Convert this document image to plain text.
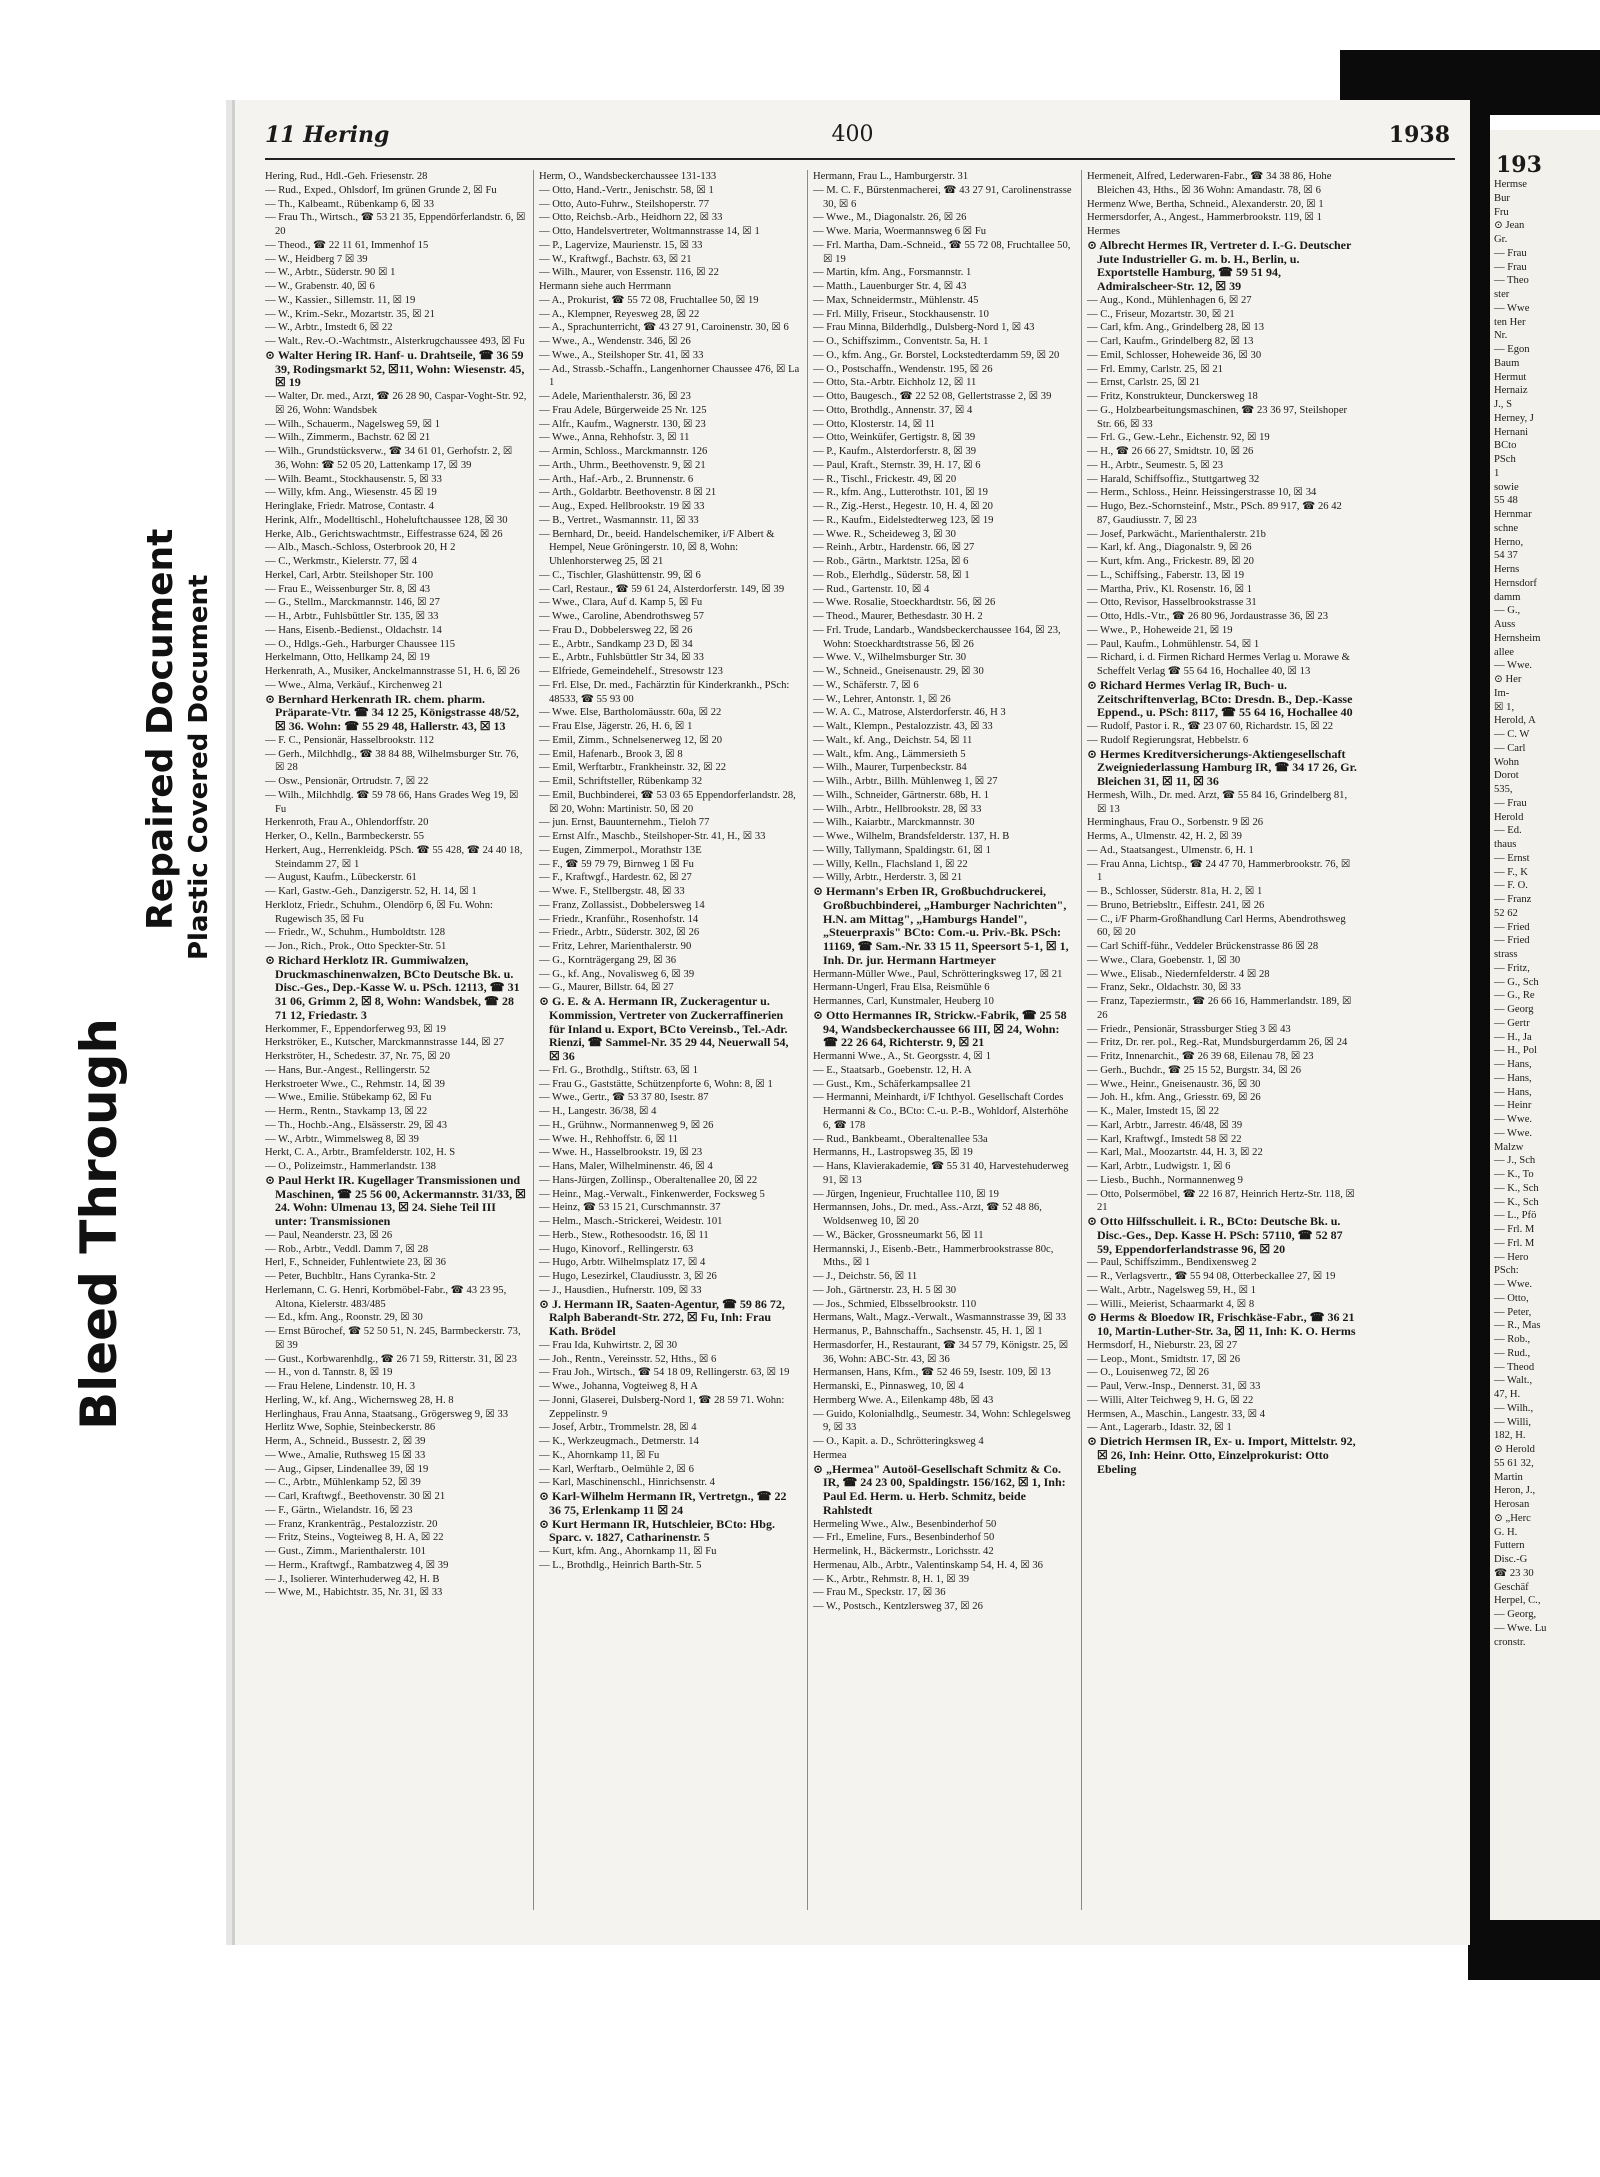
Bleed Through
Repaired Document Plastic Covered Document
11 Hering	400	1938

Hering, Rud., Hdl.-Geh. Friesenstr. 28

— Rud., Exped., Ohlsdorf, Im grünen Grunde 2, ☒ Fu

— Th., Kalbeamt., Rübenkamp 6, ☒ 33

— Frau Th., Wirtsch., ☎ 53 21 35, Eppendörferlandstr. 6, ☒ 20

— Theod., ☎ 22 11 61, Immenhof 15

— W., Heidberg 7 ☒ 39

— W., Arbtr., Süderstr. 90 ☒ 1

— W., Grabenstr. 40, ☒ 6

— W., Kassier., Sillemstr. 11, ☒ 19

— W., Krim.-Sekr., Mozartstr. 35, ☒ 21

— W., Arbtr., Imstedt 6, ☒ 22

— Walt., Rev.-O.-Wachtmstr., Alsterkrugchaussee 493, ☒ Fu

⊙ Walter Hering IR. Hanf- u. Drahtseile, ☎ 36 59 39, Rodingsmarkt 52, ☒11, Wohn: Wiesenstr. 45, ☒ 19

— Walter, Dr. med., Arzt, ☎ 26 28 90, Caspar-Voght-Str. 92, ☒ 26, Wohn: Wandsbek

— Wilh., Schauerm., Nagelsweg 59, ☒ 1

— Wilh., Zimmerm., Bachstr. 62 ☒ 21

— Wilh., Grundstücksverw., ☎ 34 61 01, Gerhofstr. 2, ☒ 36, Wohn: ☎ 52 05 20, Lattenkamp 17, ☒ 39

— Wilh. Beamt., Stockhausenstr. 5, ☒ 33

— Willy, kfm. Ang., Wiesenstr. 45 ☒ 19

Heringlake, Friedr. Matrose, Contastr. 4

Herink, Alfr., Modelltischl., Hoheluftchaussee 128, ☒ 30

Herke, Alb., Gerichtswachtmstr., Eiffestrasse 624, ☒ 26

— Alb., Masch.-Schloss, Osterbrook 20, H 2

— C., Werkmstr., Kielerstr. 77, ☒ 4

Herkel, Carl, Arbtr. Steilshoper Str. 100

— Frau E., Weissenburger Str. 8, ☒ 43

— G., Stellm., Marckmannstr. 146, ☒ 27

— H., Arbtr., Fuhlsbüttler Str. 135, ☒ 33

— Hans, Eisenb.-Bedienst., Oldachstr. 14

— O., Hdlgs.-Geh., Harburger Chaussee 115

Herkelmann, Otto, Hellkamp 24, ☒ 19

Herkenrath, A., Musiker, Anckelmannstrasse 51, H. 6, ☒ 26

— Wwe., Alma, Verkäuf., Kirchenweg 21

⊙ Bernhard Herkenrath IR. chem. pharm. Präparate-Vtr. ☎ 34 12 25, Königstrasse 48/52, ☒ 36. Wohn: ☎ 55 29 48, Hallerstr. 43, ☒ 13

— F. C., Pensionär, Hasselbrookstr. 112

— Gerh., Milchhdlg., ☎ 38 84 88, Wilhelmsburger Str. 76, ☒ 28

— Osw., Pensionär, Ortrudstr. 7, ☒ 22

— Wilh., Milchhdlg. ☎ 59 78 66, Hans Grades Weg 19, ☒ Fu

Herkenroth, Frau A., Ohlendorffstr. 20

Herker, O., Kelln., Barmbeckerstr. 55

Herkert, Aug., Herrenkleidg. PSch. ☎ 55 428, ☎ 24 40 18, Steindamm 27, ☒ 1

— August, Kaufm., Lübeckerstr. 61

— Karl, Gastw.-Geh., Danzigerstr. 52, H. 14, ☒ 1

Herklotz, Friedr., Schuhm., Olendörp 6, ☒ Fu. Wohn: Rugewisch 35, ☒ Fu

— Friedr., W., Schuhm., Humboldtstr. 128

— Jon., Rich., Prok., Otto Speckter-Str. 51

⊙ Richard Herklotz IR. Gummiwalzen, Druckmaschinenwalzen, BCto Deutsche Bk. u. Disc.-Ges., Dep.-Kasse W. u. PSch. 12113, ☎ 31 31 06, Grimm 2, ☒ 8, Wohn: Wandsbek, ☎ 28 71 12, Friedastr. 3

Herkommer, F., Eppendorferweg 93, ☒ 19

Herkströker, E., Kutscher, Marckmannstrasse 144, ☒ 27

Herkströter, H., Schedestr. 37, Nr. 75, ☒ 20

— Hans, Bur.-Angest., Rellingerstr. 52

Herkstroeter Wwe., C., Rehmstr. 14, ☒ 39

— Wwe., Emilie. Stübekamp 62, ☒ Fu

— Herm., Rentn., Stavkamp 13, ☒ 22

— Th., Hochb.-Ang., Elsässerstr. 29, ☒ 43

— W., Arbtr., Wimmelsweg 8, ☒ 39

Herkt, C. A., Arbtr., Bramfelderstr. 102, H. S

— O., Polizeimstr., Hammerlandstr. 138

⊙ Paul Herkt IR. Kugellager Transmissionen und Maschinen, ☎ 25 56 00, Ackermannstr. 31/33, ☒ 24. Wohn: Ulmenau 13, ☒ 24. Siehe Teil III unter: Transmissionen

— Paul, Neanderstr. 23, ☒ 26

— Rob., Arbtr., Veddl. Damm 7, ☒ 28

Herl, F., Schneider, Fuhlentwiete 23, ☒ 36

— Peter, Buchbltr., Hans Cyranka-Str. 2

Herlemann, C. G. Henri, Korbmöbel-Fabr., ☎ 43 23 95, Altona, Kielerstr. 483/485

— Ed., kfm. Ang., Roonstr. 29, ☒ 30

— Ernst Bürochef, ☎ 52 50 51, N. 245, Barmbeckerstr. 73, ☒ 39

— Gust., Korbwarenhdlg., ☎ 26 71 59, Ritterstr. 31, ☒ 23

— H., von d. Tannstr. 8, ☒ 19

— Frau Helene, Lindenstr. 10, H. 3

Herling, W., kf. Ang., Wichernsweg 28, H. 8

Herlinghaus, Frau Anna, Staatsang., Grögersweg 9, ☒ 33

Herlitz Wwe, Sophie, Steinbeckerstr. 86

Herm, A., Schneid., Bussestr. 2, ☒ 39

— Wwe., Amalie, Ruthsweg 15 ☒ 33

— Aug., Gipser, Lindenallee 39, ☒ 19

— C., Arbtr., Mühlenkamp 52, ☒ 39

— Carl, Kraftwgf., Beethovenstr. 30 ☒ 21

— F., Gärtn., Wielandstr. 16, ☒ 23

— Franz, Krankenträg., Pestalozzistr. 20

— Fritz, Steins., Vogteiweg 8, H. A, ☒ 22

— Gust., Zimm., Marienthalerstr. 101

— Herm., Kraftwgf., Rambatzweg 4, ☒ 39

— J., Isolierer. Winterhuderweg 42, H. B

— Wwe, M., Habichtstr. 35, Nr. 31, ☒ 33

Herm, O., Wandsbeckerchaussee 131-133

— Otto, Hand.-Vertr., Jenischstr. 58, ☒ 1

— Otto, Auto-Fuhrw., Steilshoperstr. 77

— Otto, Reichsb.-Arb., Heidhorn 22, ☒ 33

— Otto, Handelsvertreter, Woltmannstrasse 14, ☒ 1

— P., Lagervize, Maurienstr. 15, ☒ 33

— W., Kraftwgf., Bachstr. 63, ☒ 21

— Wilh., Maurer, von Essenstr. 116, ☒ 22

Hermann siehe auch Herrmann

— A., Prokurist, ☎ 55 72 08, Fruchtallee 50, ☒ 19

— A., Klempner, Reyesweg 28, ☒ 22

— A., Sprachunterricht, ☎ 43 27 91, Caroinenstr. 30, ☒ 6

— Wwe., A., Wendenstr. 346, ☒ 26

— Wwe., A., Steilshoper Str. 41, ☒ 33

— Ad., Strassb.-Schaffn., Langenhorner Chaussee 476, ☒ La 1

— Adele, Marienthalerstr. 36, ☒ 23

— Frau Adele, Bürgerweide 25 Nr. 125

— Alfr., Kaufm., Wagnerstr. 130, ☒ 23

— Wwe., Anna, Rehhofstr. 3, ☒ 11

— Armin, Schloss., Marckmannstr. 126

— Arth., Uhrm., Beethovenstr. 9, ☒ 21

— Arth., Haf.-Arb., 2. Brunnenstr. 6

— Arth., Goldarbtr. Beethovenstr. 8 ☒ 21

— Aug., Exped. Hellbrookstr. 19 ☒ 33

— B., Vertret., Wasmannstr. 11, ☒ 33

— Bernhard, Dr., beeid. Handelschemiker, i/F Albert & Hempel, Neue Gröningerstr. 10, ☒ 8, Wohn: Uhlenhorsterweg 25, ☒ 21

— C., Tischler, Glashüttenstr. 99, ☒ 6

— Carl, Restaur., ☎ 59 61 24, Alsterdorferstr. 149, ☒ 39

— Wwe., Clara, Auf d. Kamp 5, ☒ Fu

— Wwe., Caroline, Abendrothsweg 57

— Frau D., Dobbelersweg 22, ☒ 26

— E., Arbtr., Sandkamp 23 D, ☒ 34

— E., Arbtr., Fuhlsbüttler Str 34, ☒ 33

— Elfriede, Gemeindehelf., Stresowstr 123

— Frl. Else, Dr. med., Fachärztin für Kinderkrankh., PSch: 48533, ☎ 55 93 00

— Wwe. Else, Bartholomäusstr. 60a, ☒ 22

— Frau Else, Jägerstr. 26, H. 6, ☒ 1

— Emil, Zimm., Schnelsenerweg 12, ☒ 20

— Emil, Hafenarb., Brook 3, ☒ 8

— Emil, Werftarbtr., Frankheinstr. 32, ☒ 22

— Emil, Schriftsteller, Rübenkamp 32

— Emil, Buchbinderei, ☎ 53 03 65 Eppendorferlandstr. 28, ☒ 20, Wohn: Martinistr. 50, ☒ 20

— jun. Ernst, Bauunternehm., Tieloh 77

— Ernst Alfr., Maschb., Steilshoper-Str. 41, H., ☒ 33

— Eugen, Zimmerpol., Morathstr 13E

— F., ☎ 59 79 79, Birnweg 1 ☒ Fu

— F., Kraftwgf., Hardestr. 62, ☒ 27

— Wwe. F., Stellbergstr. 48, ☒ 33

— Franz, Zollassist., Dobbelersweg 14

— Friedr., Kranführ., Rosenhofstr. 14

— Friedr., Arbtr., Süderstr. 302, ☒ 26

— Fritz, Lehrer, Marienthalerstr. 90

— G., Kornträgergang 29, ☒ 36

— G., kf. Ang., Novalisweg 6, ☒ 39

— G., Maurer, Billstr. 64, ☒ 27

⊙ G. E. & A. Hermann IR, Zuckeragentur u. Kommission, Vertreter von Zuckerraffinerien für Inland u. Export, BCto Vereinsb., Tel.-Adr. Rienzi, ☎ Sammel-Nr. 35 29 44, Neuerwall 54, ☒ 36

— Frl. G., Brothdlg., Stiftstr. 63, ☒ 1

— Frau G., Gaststätte, Schützenpforte 6, Wohn: 8, ☒ 1

— Wwe., Gertr., ☎ 53 37 80, Isestr. 87

— H., Langestr. 36/38, ☒ 4

— H., Grühnw., Normannenweg 9, ☒ 26

— Wwe. H., Rehhoffstr. 6, ☒ 11

— Wwe. H., Hasselbrookstr. 19, ☒ 23

— Hans, Maler, Wilhelminenstr. 46, ☒ 4

— Hans-Jürgen, Zollinsp., Oberaltenallee 20, ☒ 22

— Heinr., Mag.-Verwalt., Finkenwerder, Focksweg 5

— Heinz, ☎ 53 15 21, Curschmannstr. 37

— Helm., Masch.-Strickerei, Weidestr. 101

— Herb., Stew., Rothesoodstr. 16, ☒ 11

— Hugo, Kinovorf., Rellingerstr. 63

— Hugo, Arbtr. Wilhelmsplatz 17, ☒ 4

— Hugo, Lesezirkel, Claudiusstr. 3, ☒ 26

— J., Hausdien., Hufnerstr. 109, ☒ 33

⊙ J. Hermann IR, Saaten-Agentur, ☎ 59 86 72, Ralph Baberandt-Str. 272, ☒ Fu, Inh: Frau Kath. Brödel

— Frau Ida, Kuhwirtstr. 2, ☒ 30

— Joh., Rentn., Vereinsstr. 52, Hths., ☒ 6

— Frau Joh., Wirtsch., ☎ 54 18 09, Rellingerstr. 63, ☒ 19

— Wwe., Johanna, Vogteiweg 8, H A

— Jonni, Glaserei, Dulsberg-Nord 1, ☎ 28 59 71. Wohn: Zeppelinstr. 9

— Josef, Arbtr., Trommelstr. 28, ☒ 4

— K., Werkzeugmach., Detmerstr. 14

— K., Ahornkamp 11, ☒ Fu

— Karl, Werftarb., Oelmühle 2, ☒ 6

— Karl, Maschinenschl., Hinrichsenstr. 4

⊙ Karl-Wilhelm Hermann IR, Vertretgn., ☎ 22 36 75, Erlenkamp 11 ☒ 24

⊙ Kurt Hermann IR, Hutschleier, BCto: Hbg. Sparc. v. 1827, Catharinenstr. 5

— Kurt, kfm. Ang., Ahornkamp 11, ☒ Fu

— L., Brothdlg., Heinrich Barth-Str. 5

Hermann, Frau L., Hamburgerstr. 31

— M. C. F., Bürstenmacherei, ☎ 43 27 91, Carolinenstrasse 30, ☒ 6

— Wwe., M., Diagonalstr. 26, ☒ 26

— Wwe. Maria, Woermannsweg 6 ☒ Fu

— Frl. Martha, Dam.-Schneid., ☎ 55 72 08, Fruchtallee 50, ☒ 19

— Martin, kfm. Ang., Forsmannstr. 1

— Matth., Lauenburger Str. 4, ☒ 43

— Max, Schneidermstr., Mühlenstr. 45

— Frl. Milly, Friseur., Stockhausenstr. 10

— Frau Minna, Bilderhdlg., Dulsberg-Nord 1, ☒ 43

— O., Schiffszimm., Conventstr. 5a, H. 1

— O., kfm. Ang., Gr. Borstel, Lockstedterdamm 59, ☒ 20

— O., Postschaffn., Wendenstr. 195, ☒ 26

— Otto, Sta.-Arbtr. Eichholz 12, ☒ 11

— Otto, Baugesch., ☎ 22 52 08, Gellertstrasse 2, ☒ 39

— Otto, Brothdlg., Annenstr. 37, ☒ 4

— Otto, Klosterstr. 14, ☒ 11

— Otto, Weinküfer, Gertigstr. 8, ☒ 39

— P., Kaufm., Alsterdorferstr. 8, ☒ 39

— Paul, Kraft., Sternstr. 39, H. 17, ☒ 6

— R., Tischl., Frickestr. 49, ☒ 20

— R., kfm. Ang., Lutterothstr. 101, ☒ 19

— R., Zig.-Herst., Hegestr. 10, H. 4, ☒ 20

— R., Kaufm., Eidelstedterweg 123, ☒ 19

— Wwe. R., Scheideweg 3, ☒ 30

— Reinh., Arbtr., Hardenstr. 66, ☒ 27

— Rob., Gärtn., Marktstr. 125a, ☒ 6

— Rob., Elerhdlg., Süderstr. 58, ☒ 1

— Rud., Gartenstr. 10, ☒ 4

— Wwe. Rosalie, Stoeckhardtstr. 56, ☒ 26

— Theod., Maurer, Bethesdastr. 30 H. 2

— Frl. Trude, Landarb., Wandsbeckerchaussee 164, ☒ 23, Wohn: Stoeckhardtstrasse 56, ☒ 26

— Wwe. V., Wilhelmsburger Str. 30

— W., Schneid., Gneisenaustr. 29, ☒ 30

— W., Schäferstr. 7, ☒ 6

— W., Lehrer, Antonstr. 1, ☒ 26

— W. A. C., Matrose, Alsterdorferstr. 46, H 3

— Walt., Klempn., Pestalozzistr. 43, ☒ 33

— Walt., kf. Ang., Deichstr. 54, ☒ 11

— Walt., kfm. Ang., Lämmersieth 5

— Wilh., Maurer, Turpenbeckstr. 84

— Wilh., Arbtr., Billh. Mühlenweg 1, ☒ 27

— Wilh., Schneider, Gärtnerstr. 68b, H. 1

— Wilh., Arbtr., Hellbrookstr. 28, ☒ 33

— Wilh., Kaiarbtr., Marckmannstr. 30

— Wwe., Wilhelm, Brandsfelderstr. 137, H. B

— Willy, Tallymann, Spaldingstr. 61, ☒ 1

— Willy, Kelln., Flachsland 1, ☒ 22

— Willy, Arbtr., Herderstr. 3, ☒ 21

⊙ Hermann's Erben IR, Großbuchdruckerei, Großbuchbinderei, „Hamburger Nachrichten", H.N. am Mittag", „Hamburgs Handel", „Steuerpraxis" BCto: Com.-u. Priv.-Bk. PSch: 11169, ☎ Sam.-Nr. 33 15 11, Speersort 5-1, ☒ 1, Inh. Dr. jur. Hermann Hartmeyer

Hermann-Müller Wwe., Paul, Schrötteringksweg 17, ☒ 21

Hermann-Ungerl, Frau Elsa, Reismühle 6

Hermannes, Carl, Kunstmaler, Heuberg 10

⊙ Otto Hermannes IR, Strickw.-Fabrik, ☎ 25 58 94, Wandsbeckerchaussee 66 III, ☒ 24, Wohn: ☎ 22 26 64, Richterstr. 9, ☒ 21

Hermanni Wwe., A., St. Georgsstr. 4, ☒ 1

— E., Staatsarb., Goebenstr. 12, H. A

— Gust., Km., Schäferkampsallee 21

— Hermanni, Meinhardt, i/F Ichthyol. Gesellschaft Cordes Hermanni & Co., BCto: C.-u. P.-B., Wohldorf, Alsterhöhe 6, ☎ 178

— Rud., Bankbeamt., Oberaltenallee 53a

Hermanns, H., Lastropsweg 35, ☒ 19

— Hans, Klavierakademie, ☎ 55 31 40, Harvestehuderweg 91, ☒ 13

— Jürgen, Ingenieur, Fruchtallee 110, ☒ 19

Hermannsen, Johs., Dr. med., Ass.-Arzt, ☎ 52 48 86, Woldsenweg 10, ☒ 20

— W., Bäcker, Grossneumarkt 56, ☒ 11

Hermannski, J., Eisenb.-Betr., Hammerbrookstrasse 80c, Mths., ☒ 1

— J., Deichstr. 56, ☒ 11

— Joh., Gärtnerstr. 23, H. 5 ☒ 30

— Jos., Schmied, Elbsselbrookstr. 110

Hermans, Walt., Magz.-Verwalt., Wasmannstrasse 39, ☒ 33

Hermanus, P., Bahnschaffn., Sachsenstr. 45, H. 1, ☒ 1

Hermasdorfer, H., Restaurant, ☎ 34 57 79, Königstr. 25, ☒ 36, Wohn: ABC-Str. 43, ☒ 36

Hermansen, Hans, Kfm., ☎ 52 46 59, Isestr. 109, ☒ 13

Hermanski, E., Pinnasweg, 10, ☒ 4

Hermberg Wwe. A., Eilenkamp 48b, ☒ 43

— Guido, Kolonialhdlg., Seumestr. 34, Wohn: Schlegelsweg 9, ☒ 33

— O., Kapit. a. D., Schrötteringksweg 4

Hermea

⊙ „Hermea" Autoöl-Gesellschaft Schmitz & Co. IR, ☎ 24 23 00, Spaldingstr. 156/162, ☒ 1, Inh: Paul Ed. Herm. u. Herb. Schmitz, beide Rahlstedt

Hermeling Wwe., Alw., Besenbinderhof 50

— Frl., Emeline, Furs., Besenbinderhof 50

Hermelink, H., Bäckermstr., Lorichsstr. 42

Hermenau, Alb., Arbtr., Valentinskamp 54, H. 4, ☒ 36

— K., Arbtr., Rehmstr. 8, H. 1, ☒ 39

— Frau M., Speckstr. 17, ☒ 36

— W., Postsch., Kentzlersweg 37, ☒ 26

Hermeneit, Alfred, Lederwaren-Fabr., ☎ 34 38 86, Hohe Bleichen 43, Hths., ☒ 36 Wohn: Amandastr. 78, ☒ 6

Hermenz Wwe, Bertha, Schneid., Alexanderstr. 20, ☒ 1

Hermersdorfer, A., Angest., Hammerbrookstr. 119, ☒ 1

Hermes

⊙ Albrecht Hermes IR, Vertreter d. I.-G. Deutscher Jute Industrieller G. m. b. H., Berlin, u. Exportstelle Hamburg, ☎ 59 51 94, Admiralscheer-Str. 12, ☒ 39

— Aug., Kond., Mühlenhagen 6, ☒ 27

— C., Friseur, Mozartstr. 30, ☒ 21

— Carl, kfm. Ang., Grindelberg 28, ☒ 13

— Carl, Kaufm., Grindelberg 82, ☒ 13

— Emil, Schlosser, Hoheweide 36, ☒ 30

— Frl. Emmy, Carlstr. 25, ☒ 21

— Ernst, Carlstr. 25, ☒ 21

— Fritz, Konstrukteur, Dunckersweg 18

— G., Holzbearbeitungsmaschinen, ☎ 23 36 97, Steilshoper Str. 66, ☒ 33

— Frl. G., Gew.-Lehr., Eichenstr. 92, ☒ 19

— H., ☎ 26 66 27, Smidtstr. 10, ☒ 26

— H., Arbtr., Seumestr. 5, ☒ 23

— Harald, Schiffsoffiz., Stuttgartweg 32

— Herm., Schloss., Heinr. Heissingerstrasse 10, ☒ 34

— Hugo, Bez.-Schornsteinf., Mstr., PSch. 89 917, ☎ 26 42 87, Gaudiusstr. 7, ☒ 23

— Josef, Parkwächt., Marienthalerstr. 21b

— Karl, kf. Ang., Diagonalstr. 9, ☒ 26

— Kurt, kfm. Ang., Frickestr. 89, ☒ 20

— L., Schiffsing., Faberstr. 13, ☒ 19

— Martha, Priv., Kl. Rosenstr. 16, ☒ 1

— Otto, Revisor, Hasselbrookstrasse 31

— Otto, Hdls.-Vtr., ☎ 26 80 96, Jordaustrasse 36, ☒ 23

— Wwe., P., Hoheweide 21, ☒ 19

— Paul, Kaufm., Lohmühlenstr. 54, ☒ 1

— Richard, i. d. Firmen Richard Hermes Verlag u. Morawe & Scheffelt Verlag ☎ 55 64 16, Hochallee 40, ☒ 13

⊙ Richard Hermes Verlag IR, Buch- u. Zeitschriftenverlag, BCto: Dresdn. B., Dep.-Kasse Eppend., u. PSch: 8117, ☎ 55 64 16, Hochallee 40

— Rudolf, Pastor i. R., ☎ 23 07 60, Richardstr. 15, ☒ 22

— Rudolf Regierungsrat, Hebbelstr. 6

⊙ Hermes Kreditversicherungs-Aktiengesellschaft Zweigniederlassung Hamburg IR, ☎ 34 17 26, Gr. Bleichen 31, ☒ 11, ☒ 36

Hermesh, Wilh., Dr. med. Arzt, ☎ 55 84 16, Grindelberg 81, ☒ 13

Herminghaus, Frau O., Sorbenstr. 9 ☒ 26

Herms, A., Ulmenstr. 42, H. 2, ☒ 39

— Ad., Staatsangest., Ulmenstr. 6, H. 1

— Frau Anna, Lichtsp., ☎ 24 47 70, Hammerbrookstr. 76, ☒ 1

— B., Schlosser, Süderstr. 81a, H. 2, ☒ 1

— Bruno, Betriebsltr., Eiffestr. 241, ☒ 26

— C., i/F Pharm-Großhandlung Carl Herms, Abendrothsweg 60, ☒ 20

— Carl Schiff-führ., Veddeler Brückenstrasse 86 ☒ 28

— Wwe., Clara, Goebenstr. 1, ☒ 30

— Wwe., Elisab., Niedernfelderstr. 4 ☒ 28

— Franz, Sekr., Oldachstr. 30, ☒ 33

— Franz, Tapeziermstr., ☎ 26 66 16, Hammerlandstr. 189, ☒ 26

— Friedr., Pensionär, Strassburger Stieg 3 ☒ 43

— Fritz, Dr. rer. pol., Reg.-Rat, Mundsburgerdamm 26, ☒ 24

— Fritz, Innenarchit., ☎ 26 39 68, Eilenau 78, ☒ 23

— Gerh., Buchdr., ☎ 25 15 52, Burgstr. 34, ☒ 26

— Wwe., Heinr., Gneisenaustr. 36, ☒ 30

— Joh. H., kfm. Ang., Griesstr. 69, ☒ 26

— K., Maler, Imstedt 15, ☒ 22

— Karl, Arbtr., Jarrestr. 46/48, ☒ 39

— Karl, Kraftwgf., Imstedt 58 ☒ 22

— Karl, Mal., Moozartstr. 44, H. 3, ☒ 22

— Karl, Arbtr., Ludwigstr. 1, ☒ 6

— Liesb., Buchh., Normannenweg 9

— Otto, Polsermöbel, ☎ 22 16 87, Heinrich Hertz-Str. 118, ☒ 21

⊙ Otto Hilfsschulleit. i. R., BCto: Deutsche Bk. u. Disc.-Ges., Dep. Kasse H. PSch: 57110, ☎ 52 87 59, Eppendorferlandstrasse 96, ☒ 20

— Paul, Schiffszimm., Bendixensweg 2

— R., Verlagsvertr., ☎ 55 94 08, Otterbeckallee 27, ☒ 19

— Walt., Arbtr., Nagelsweg 59, H., ☒ 1

— Willi., Meierist, Schaarmarkt 4, ☒ 8

⊙ Herms & Bloedow IR, Frischkäse-Fabr., ☎ 36 21 10, Martin-Luther-Str. 3a, ☒ 11, Inh: K. O. Herms

Hermsdorf, H., Nieburstr. 23, ☒ 27

— Leop., Mont., Smidtstr. 17, ☒ 26

— O., Louisenweg 72, ☒ 26

— Paul, Verw.-Insp., Dennerst. 31, ☒ 33

— Willi, Alter Teichweg 9, H. G, ☒ 22

Hermsen, A., Maschin., Langestr. 33, ☒ 4

— Ant., Lagerarb., Idastr. 32, ☒ 1

⊙ Dietrich Hermsen IR, Ex- u. Import, Mittelstr. 92, ☒ 26, Inh: Heinr. Otto, Einzelprokurist: Otto Ebeling

193
Hermse
Bur
Fru
⊙ Jean
Gr.
— Frau
— Frau
— Theo
ster
— Wwe
ten Her
Nr.
— Egon
Baum
Hermut
Hernaiz
J., S
Herney, J
Hernani
BCto
PSch
1
sowie
55 48
Hernmar
schne
Herno,
54 37
Herns
Hernsdorf
damm
— G.,
Auss
Hernsheim
allee
— Wwe.
⊙ Her
Im-
☒ 1,
Herold, A
— C. W
— Carl
Wohn
Dorot
535,
— Frau
Herold
— Ed.
thaus
— Ernst
— F., K
— F. O.
— Franz
52 62
— Fried
— Fried
strass
— Fritz,
— G., Sch
— G., Re
— Georg
— Gertr
— H., Ja
— H., Pol
— Hans,
— Hans,
— Hans,
— Heinr
— Wwe.
— Wwe.
Malzw
— J., Sch
— K., To
— K., Sch
— K., Sch
— L., Pfö
— Frl. M
— Frl. M
— Hero
PSch:
— Wwe.
— Otto,
— Peter,
— R., Mas
— Rob.,
— Rud.,
— Theod
— Walt.,
47, H.
— Wilh.,
— Willi,
182, H.
⊙ Herold
55 61 32,
Martin
Heron, J.,
Herosan
⊙ „Herc
G. H.
Futtern
Disc.-G
☎ 23 30
Geschäf
Herpel, C.,
— Georg,
— Wwe. Lu
cronstr.
